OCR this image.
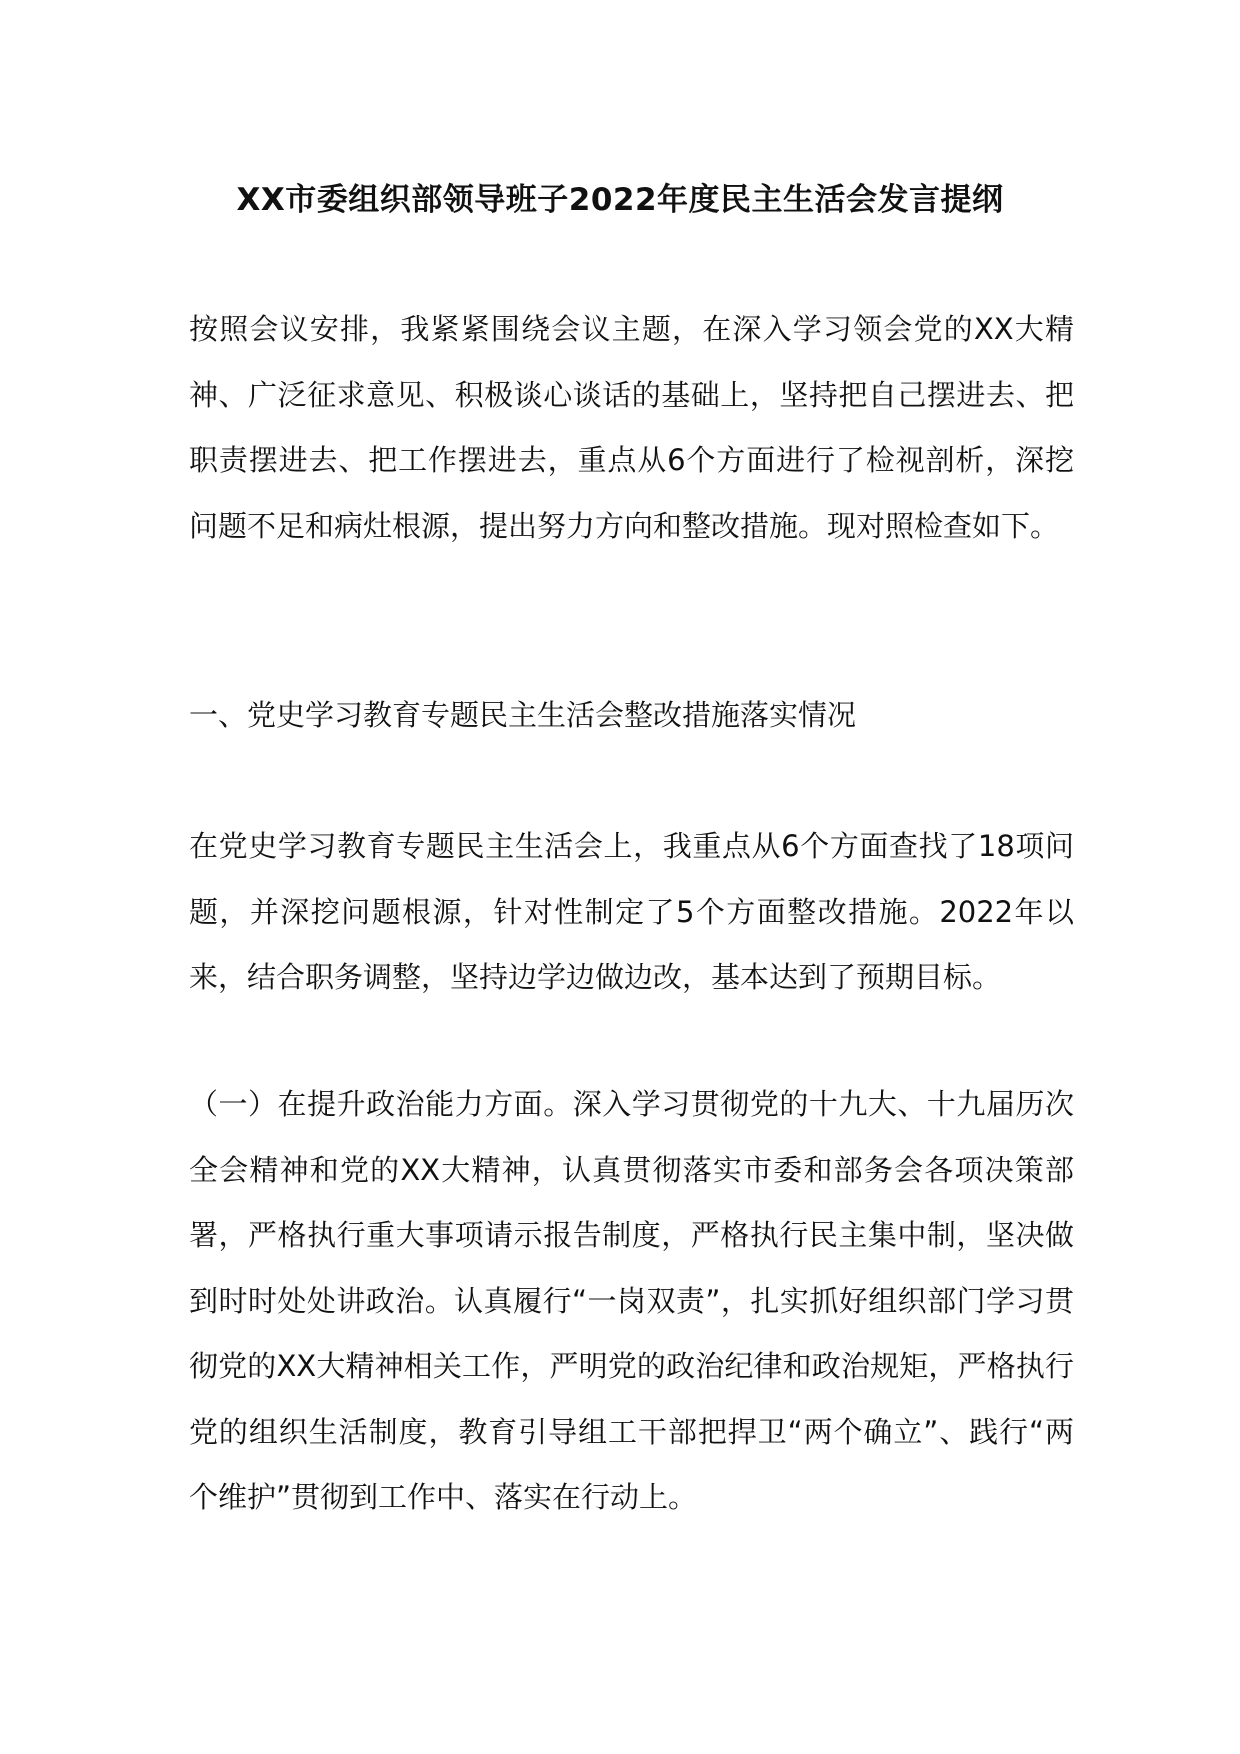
XX市委组织部领导班子2022年度民主生活会发言提纲

按照会议安排，我紧紧围绕会议主题，在深入学习领会党的XX大精神、广泛征求意见、积极谈心谈话的基础上，坚持把自己摆进去、把职责摆进去、把工作摆进去，重点从6个方面进行了检视剖析，深挖问题不足和病灶根源，提出努力方向和整改措施。现对照检查如下。

一、党史学习教育专题民主生活会整改措施落实情况

在党史学习教育专题民主生活会上，我重点从6个方面查找了18项问题，并深挖问题根源，针对性制定了5个方面整改措施。2022年以来，结合职务调整，坚持边学边做边改，基本达到了预期目标。

（一）在提升政治能力方面。深入学习贯彻党的十九大、十九届历次全会精神和党的XX大精神，认真贯彻落实市委和部务会各项决策部署，严格执行重大事项请示报告制度，严格执行民主集中制，坚决做到时时处处讲政治。认真履行“一岗双责”，扎实抓好组织部门学习贯彻党的XX大精神相关工作，严明党的政治纪律和政治规矩，严格执行党的组织生活制度，教育引导组工干部把捍卫“两个确立”、践行“两个维护”贯彻到工作中、落实在行动上。
